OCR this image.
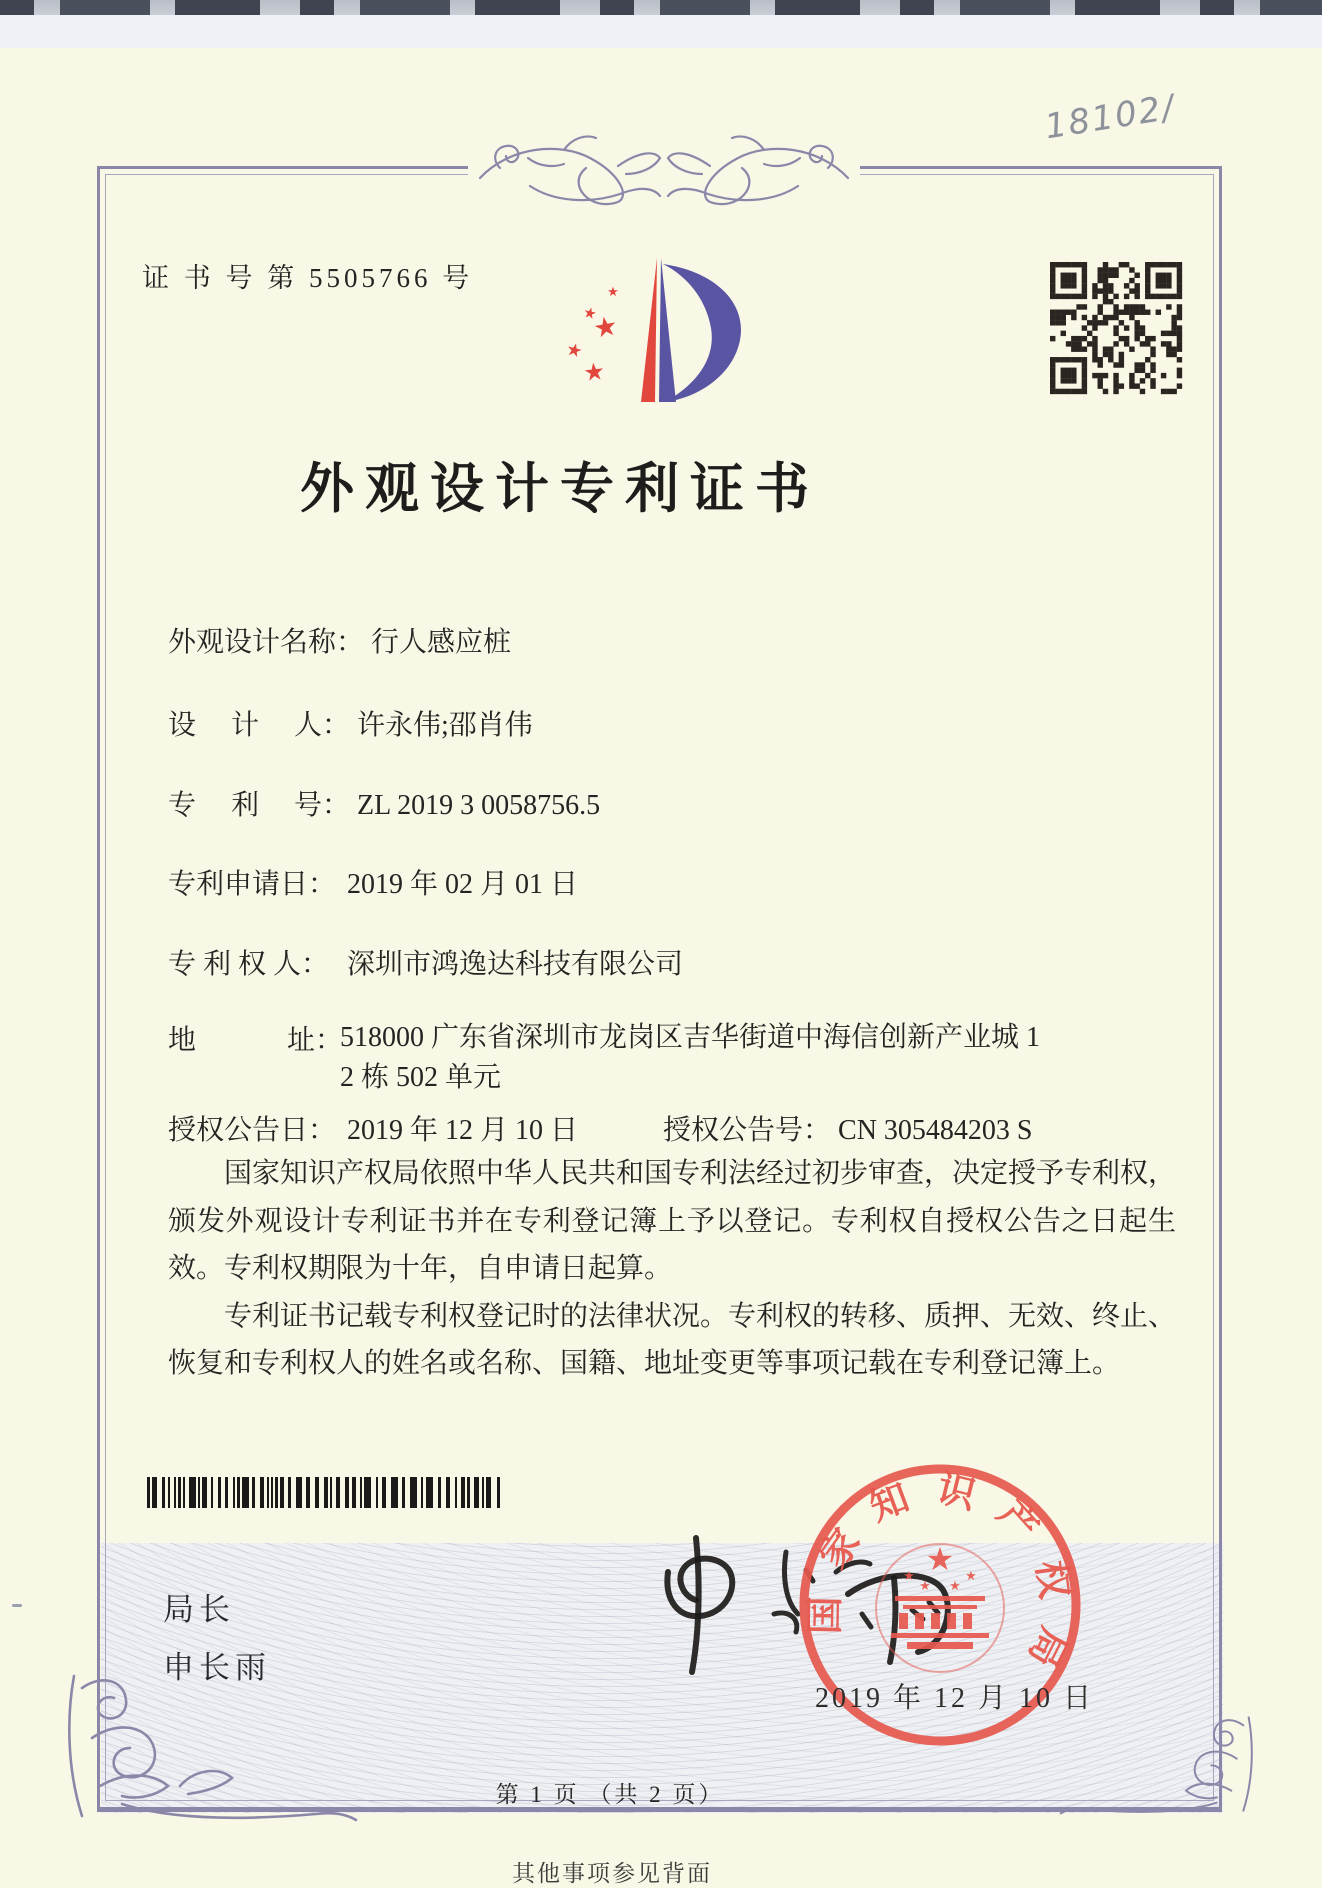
18102/
证 书 号 第 5505766 号	★
★
★
★
★
外观设计专利证书
外观设计名称： 行人感应桩
设　 计　 人： 许永伟;邵肖伟
专　 利　 号： ZL 2019 3 0058756.5
专利申请日： 2019 年 02 月 01 日
专 利 权 人： 深圳市鸿逸达科技有限公司
地　　　 址：
518000 广东省深圳市龙岗区吉华街道中海信创新产业城 1
2 栋 502 单元
授权公告日： 2019 年 12 月 10 日	授权公告号： CN 305484203 S

国家知识产权局依照中华人民共和国专利法经过初步审查，决定授予专利权，颁发外观设计专利证书并在专利登记簿上予以登记。专利权自授权公告之日起生效。专利权期限为十年，自申请日起算。

专利证书记载专利权登记时的法律状况。专利权的转移、质押、无效、终止、恢复和专利权人的姓名或名称、国籍、地址变更等事项记载在专利登记簿上。

局长
申长雨
国家知识产权局
★
★
★ ★
★
2019 年 12 月 10 日
第 1 页 （共 2 页）
其他事项参见背面
